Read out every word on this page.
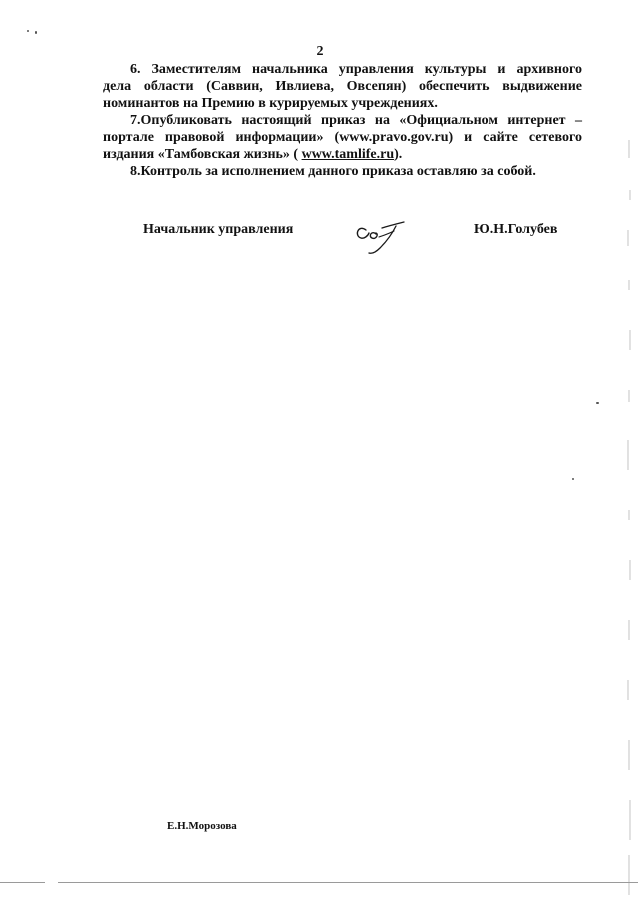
2
6. Заместителям начальника управления культуры и архивного
дела области (Саввин, Ивлиева, Овсепян) обеспечить выдвижение
номинантов на Премию в курируемых учреждениях.
7.Опубликовать настоящий приказ на «Официальном интернет –
портале правовой информации» (www.pravo.gov.ru) и сайте сетевого
издания «Тамбовская жизнь» ( www.tamlife.ru).
8.Контроль за исполнением данного приказа оставляю за собой.
Начальник управления	Ю.Н.Голубев
Е.Н.Морозова
